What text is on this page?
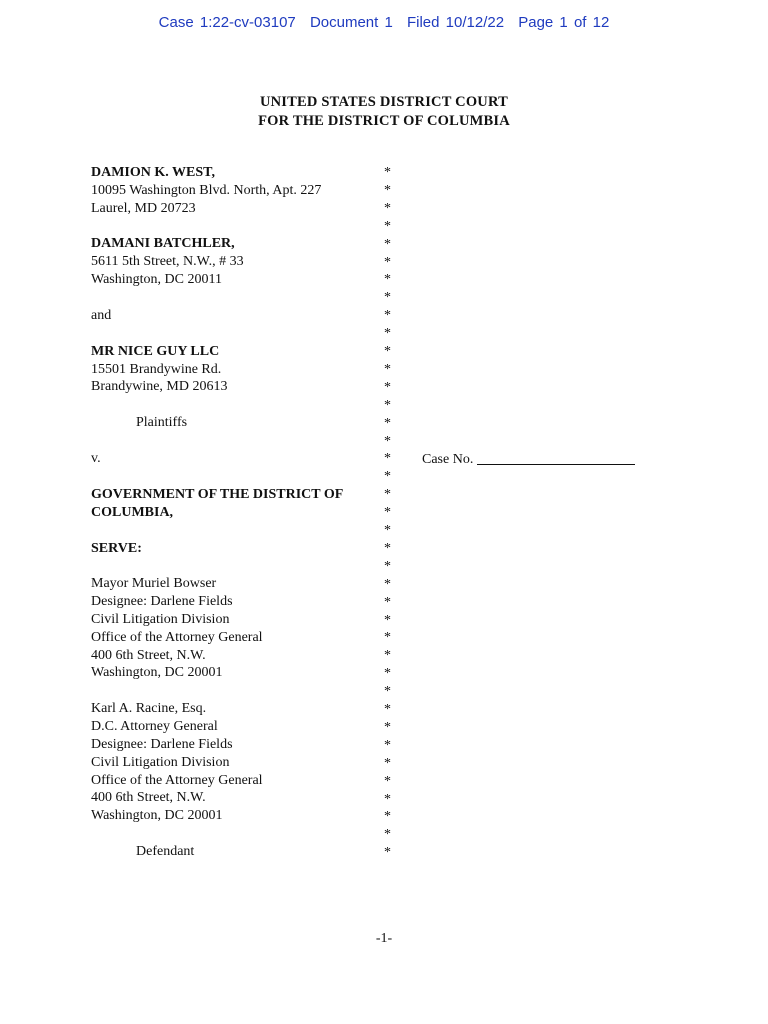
Case 1:22-cv-03107 Document 1 Filed 10/12/22 Page 1 of 12
UNITED STATES DISTRICT COURT
FOR THE DISTRICT OF COLUMBIA
DAMION K. WEST,
10095 Washington Blvd. North, Apt. 227
Laurel, MD 20723
DAMANI BATCHLER,
5611 5th Street, N.W., # 33
Washington, DC 20011
and
MR NICE GUY LLC
15501 Brandywine Rd.
Brandywine, MD 20613
Plaintiffs
v.
GOVERNMENT OF THE DISTRICT OF
COLUMBIA,
SERVE:
Mayor Muriel Bowser
Designee: Darlene Fields
Civil Litigation Division
Office of the Attorney General
400 6th Street, N.W.
Washington, DC 20001
Karl A. Racine, Esq.
D.C. Attorney General
Designee: Darlene Fields
Civil Litigation Division
Office of the Attorney General
400 6th Street, N.W.
Washington, DC 20001
Defendant
*
*
*
*
*
*
*
*
*
*
*
*
*
*
*
*
*
*
*
*
*
*
*
*
*
*
*
*
*
*
*
*
*
*
*
*
*
*
*
Case No.
-1-
